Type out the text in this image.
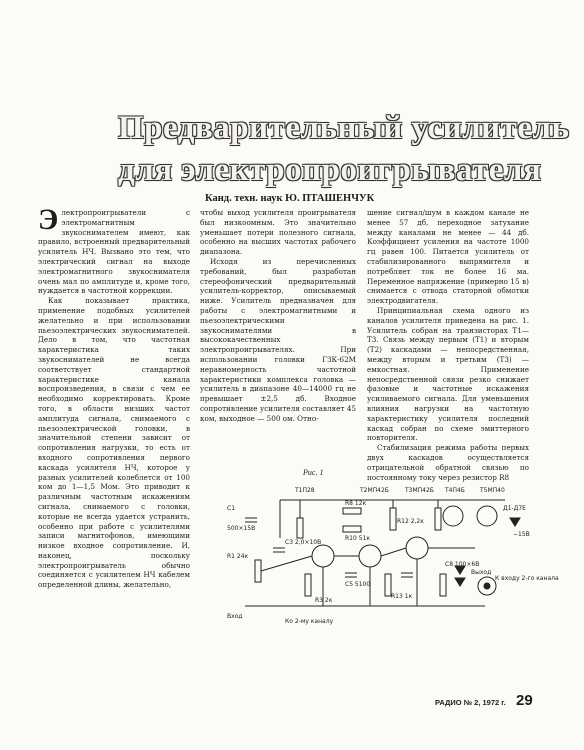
Предварительный усилитель
для электропроигрывателя
Канд. техн. наук Ю. ПТАШЕНЧУК
Э лектропроигрыватели с электромагнитным звукоснимателем имеют, как правило, встроенный предварительный усилитель НЧ. Вызвано это тем, что электрический сигнал на выходе электромагнитного звукоснимателя очень мал по амплитуде и, кроме того, нуждается в частотной коррекции.

Как показывает практика, применение подобных усилителей желательно и при использовании пьезоэлектрических звукоснимателей. Дело в том, что частотная характеристика таких звукоснимателей не всегда соответствует стандартной характеристике канала воспроизведения, в связи с чем ее необходимо корректировать. Кроме того, в области низших частот амплитуда сигнала, снимаемого с пьезоэлектрической головки, в значительной степени зависит от сопротивления нагрузки, то есть от входного сопротивления первого каскада усилителя НЧ, которое у разных усилителей колеблется от 100 ком до 1—1,5 Мом. Это приводит к различным частотным искажениям сигнала, снимаемого с головки, которые не всегда удается устранить, особенно при работе с усилителями записи магнитофонов, имеющими низкое входное сопротивление. И, наконец, поскольку электропроигрыватель обычно соединяется с усилителем НЧ кабелем определенной длины, желательно,

чтобы выход усилителя проигрывателя был низкоомным. Это значительно уменьшает потери полезного сигнала, особенно на высших частотах рабочего диапазона.

Исходя из перечисленных требований, был разработан стереофонический предварительный усилитель-корректор, описываемый ниже. Усилитель предназначен для работы с электромагнитными и пьезоэлектрическими звукоснимателями в высококачественных электропроигрывателях. При использовании головки ГЗК-62М неравномерность частотной характеристики комплекса головка — усилитель в диапазоне 40—14000 гц не превышает ±2,5 дб. Входное сопротивление усилителя составляет 45 ком, выходное — 500 ом. Отно-

шение сигнал/шум в каждом канале не менее 57 дб, переходное затухание между каналами не менее — 44 дб. Коэффициент усиления на частоте 1000 гц равен 100. Питается усилитель от стабилизированного выпрямителя и потребляет ток не более 16 ма. Переменное напряжение (примерно 15 в) снимается с отвода статорной обмотки электродвигателя.

Принципиальная схема одного из каналов усилителя приведена на рис. 1. Усилитель собран на транзисторах Т1—Т3. Связь между первым (Т1) и вторым (Т2) каскадами — непосредственная, между вторым и третьим (Т3) — емкостная. Применение непосредственной связи резко снижает фазовые и частотные искажения усиливаемого сигнала. Для уменьшения влияния нагрузки на частотную характеристику усилителя последний каскад собран по схеме эмиттерного повторителя.

Стабилизация режима работы первых двух каскадов осуществляется отрицательной обратной связью по постоянному току через резистор R8

Рис. 1
Т1П28	Т2МП42Б	Т3МП42Б Т4П4Б	Т5МП40
Д1-Д7Е
С1
500×15В
R8 12к
R10 51к
С3 2,0×10В
R1 24к
R3 2к
С5 5100
R12 2,2к
R13 1к
С8 100×6В
Выход
К входу 2-го канала
−15В
Вход
Ко 2-му каналу
РАДИО № 2, 1972 г. 29
